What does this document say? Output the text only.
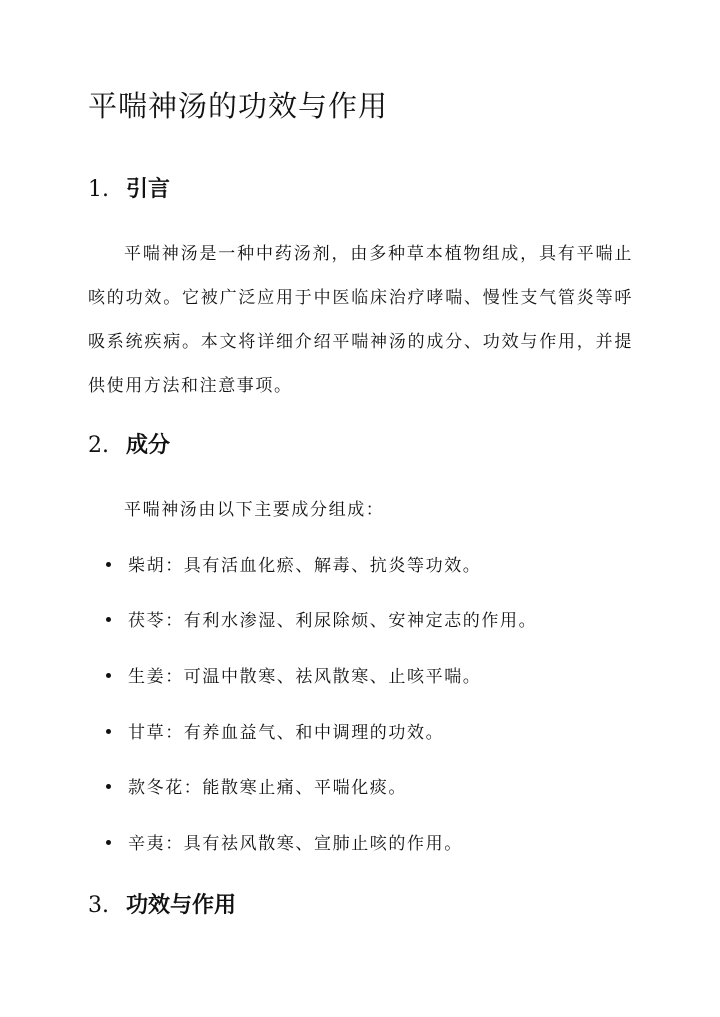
平喘神汤的功效与作用
1. 引言

平喘神汤是一种中药汤剂，由多种草本植物组成，具有平喘止咳的功效。它被广泛应用于中医临床治疗哮喘、慢性支气管炎等呼吸系统疾病。本文将详细介绍平喘神汤的成分、功效与作用，并提供使用方法和注意事项。

2. 成分

平喘神汤由以下主要成分组成：

柴胡：具有活血化瘀、解毒、抗炎等功效。
茯苓：有利水渗湿、利尿除烦、安神定志的作用。
生姜：可温中散寒、祛风散寒、止咳平喘。
甘草：有养血益气、和中调理的功效。
款冬花：能散寒止痛、平喘化痰。
辛夷：具有祛风散寒、宣肺止咳的作用。
3. 功效与作用
